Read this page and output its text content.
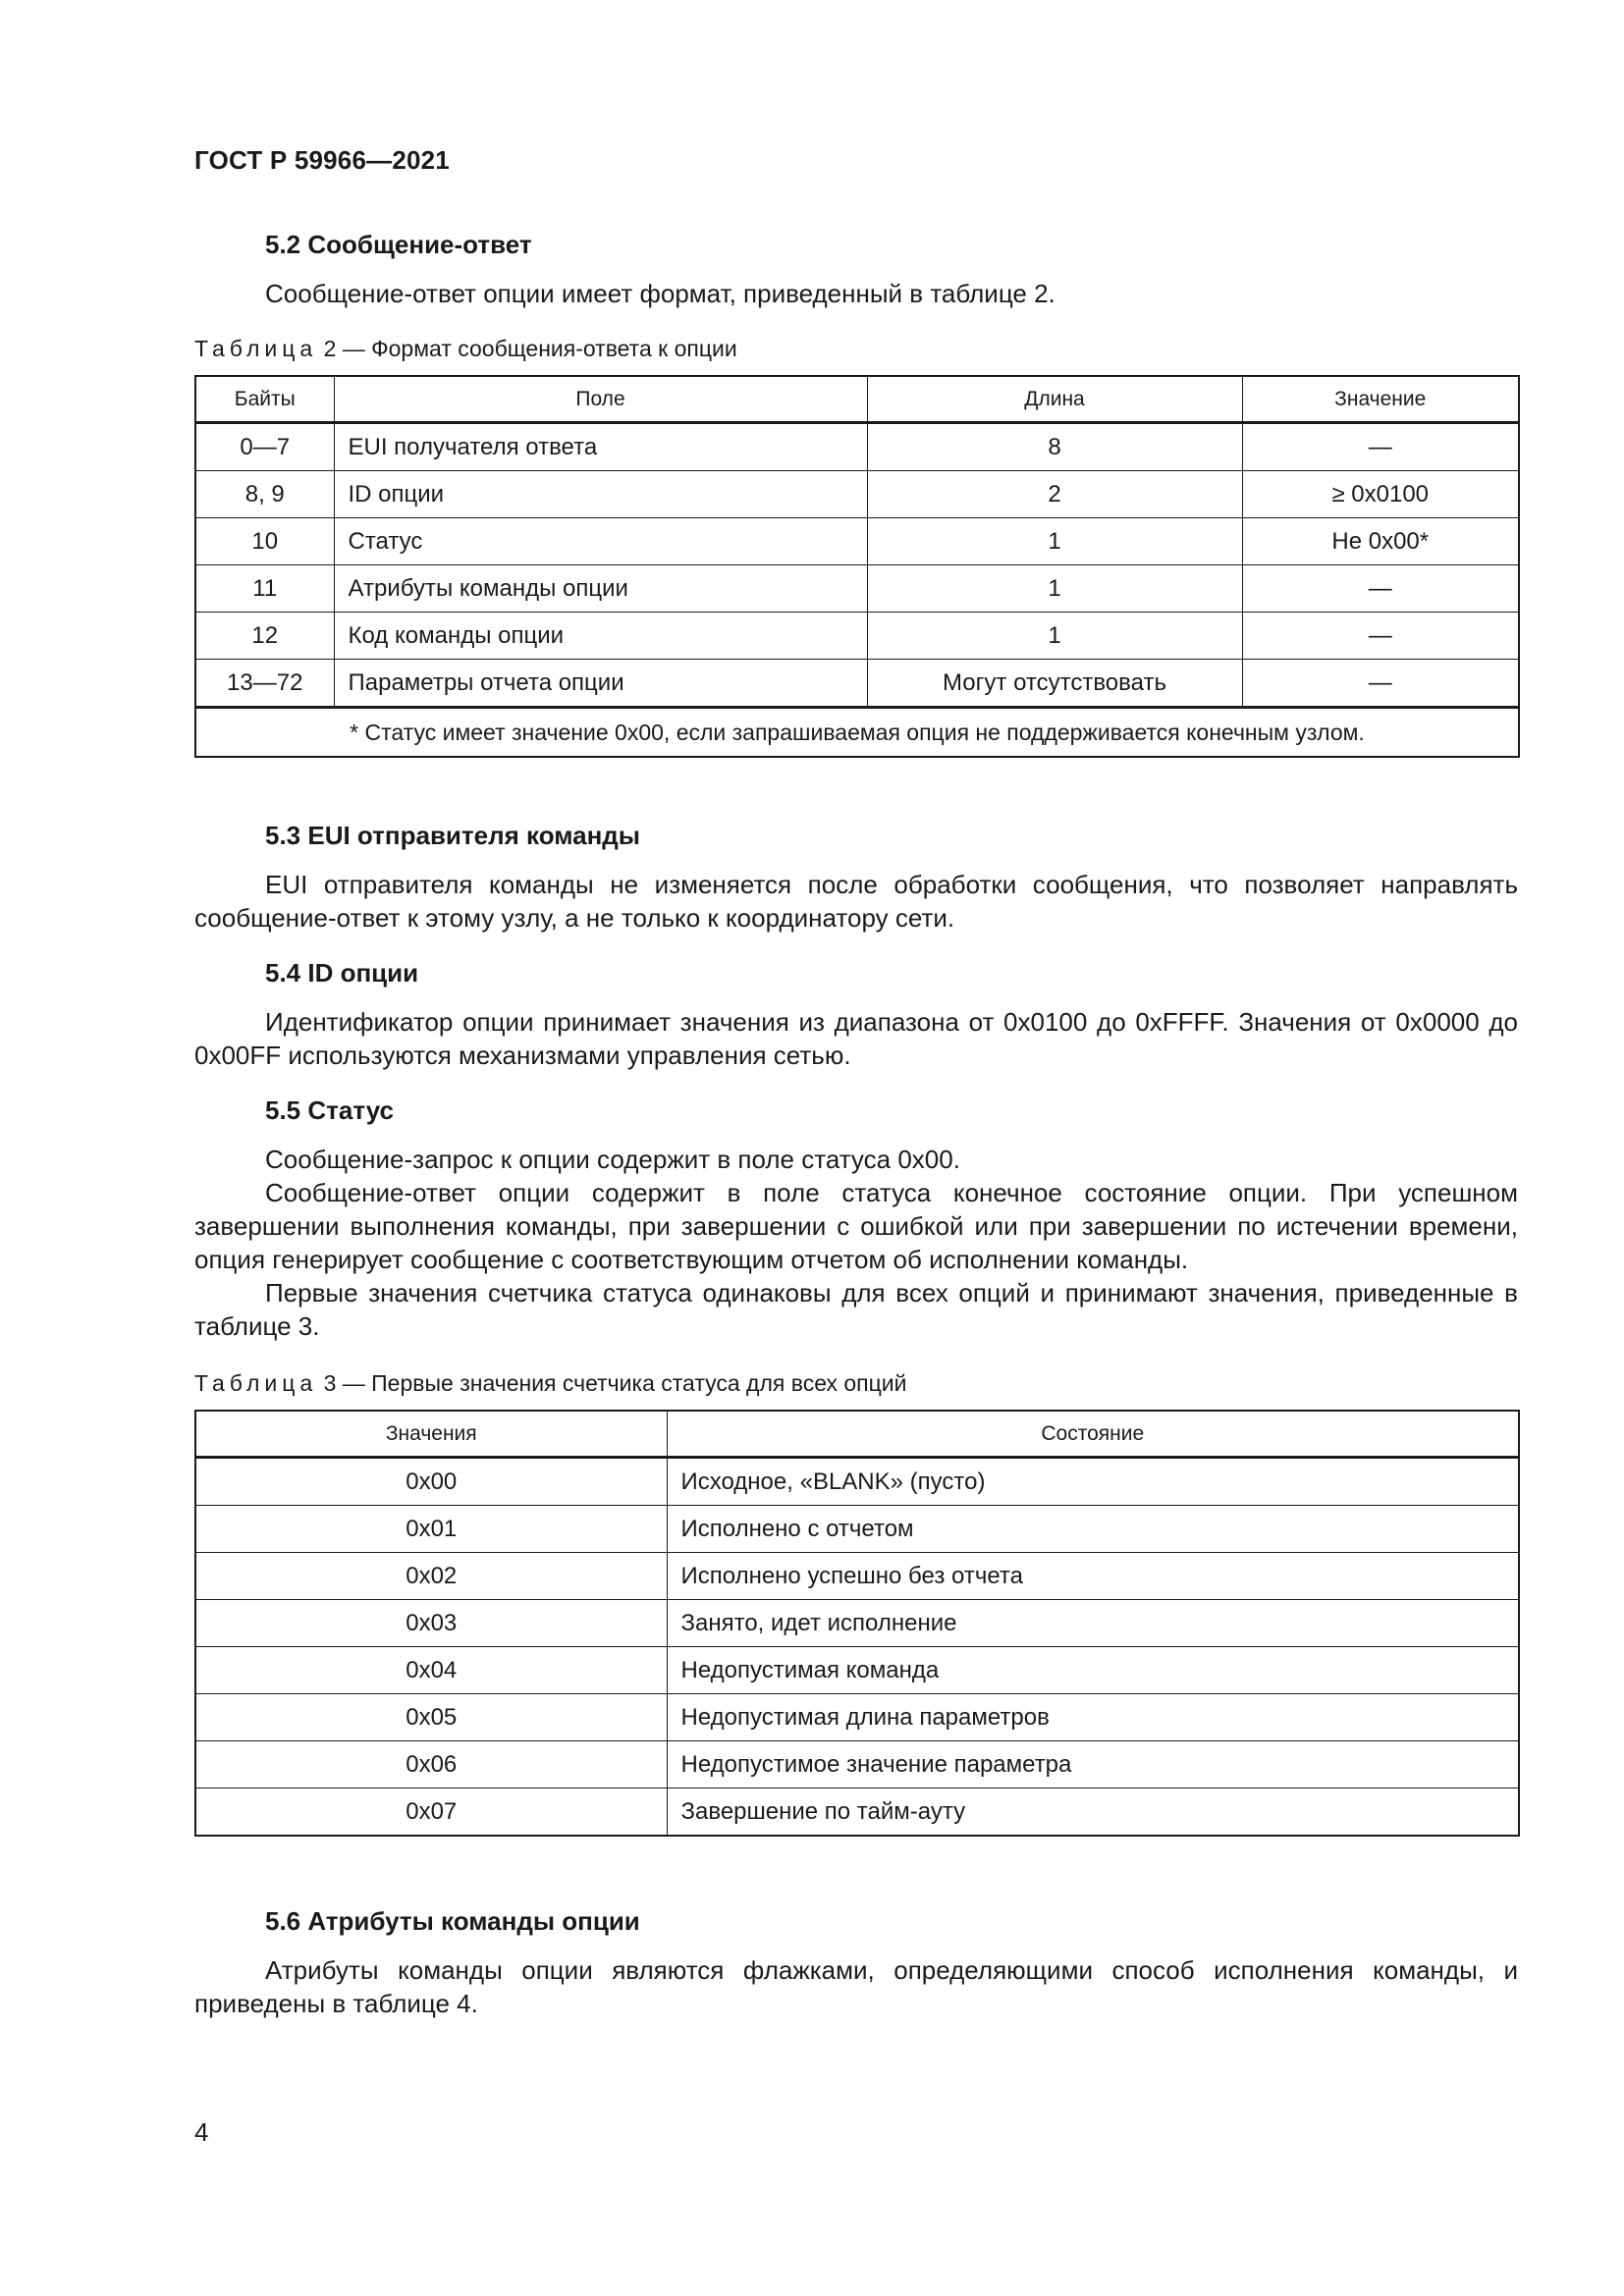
ГОСТ Р 59966—2021
5.2 Сообщение-ответ
Сообщение-ответ опции имеет формат, приведенный в таблице 2.
Таблица 2 — Формат сообщения-ответа к опции
Байты	Поле	Длина	Значение
0—7	EUI получателя ответа	8	—
8, 9	ID опции	2	≥ 0x0100
10	Статус	1	Не 0x00*
11	Атрибуты команды опции	1	—
12	Код команды опции	1	—
13—72	Параметры отчета опции	Могут отсутствовать	—
* Статус имеет значение 0x00, если запрашиваемая опция не поддерживается конечным узлом.			
5.3 EUI отправителя команды
EUI отправителя команды не изменяется после обработки сообщения, что позволяет направлять сообщение-ответ к этому узлу, а не только к координатору сети.
5.4 ID опции
Идентификатор опции принимает значения из диапазона от 0x0100 до 0xFFFF. Значения от 0x0000 до 0x00FF используются механизмами управления сетью.
5.5 Статус
Сообщение-запрос к опции содержит в поле статуса 0x00.
Сообщение-ответ опции содержит в поле статуса конечное состояние опции. При успешном завершении выполнения команды, при завершении с ошибкой или при завершении по истечении времени, опция генерирует сообщение с соответствующим отчетом об исполнении команды.
Первые значения счетчика статуса одинаковы для всех опций и принимают значения, приведенные в таблице 3.
Таблица 3 — Первые значения счетчика статуса для всех опций
Значения	Состояние
0x00	Исходное, «BLANK» (пусто)
0x01	Исполнено с отчетом
0x02	Исполнено успешно без отчета
0x03	Занято, идет исполнение
0x04	Недопустимая команда
0x05	Недопустимая длина параметров
0x06	Недопустимое значение параметра
0x07	Завершение по тайм-ауту
5.6 Атрибуты команды опции
Атрибуты команды опции являются флажками, определяющими способ исполнения команды, и приведены в таблице 4.
4
